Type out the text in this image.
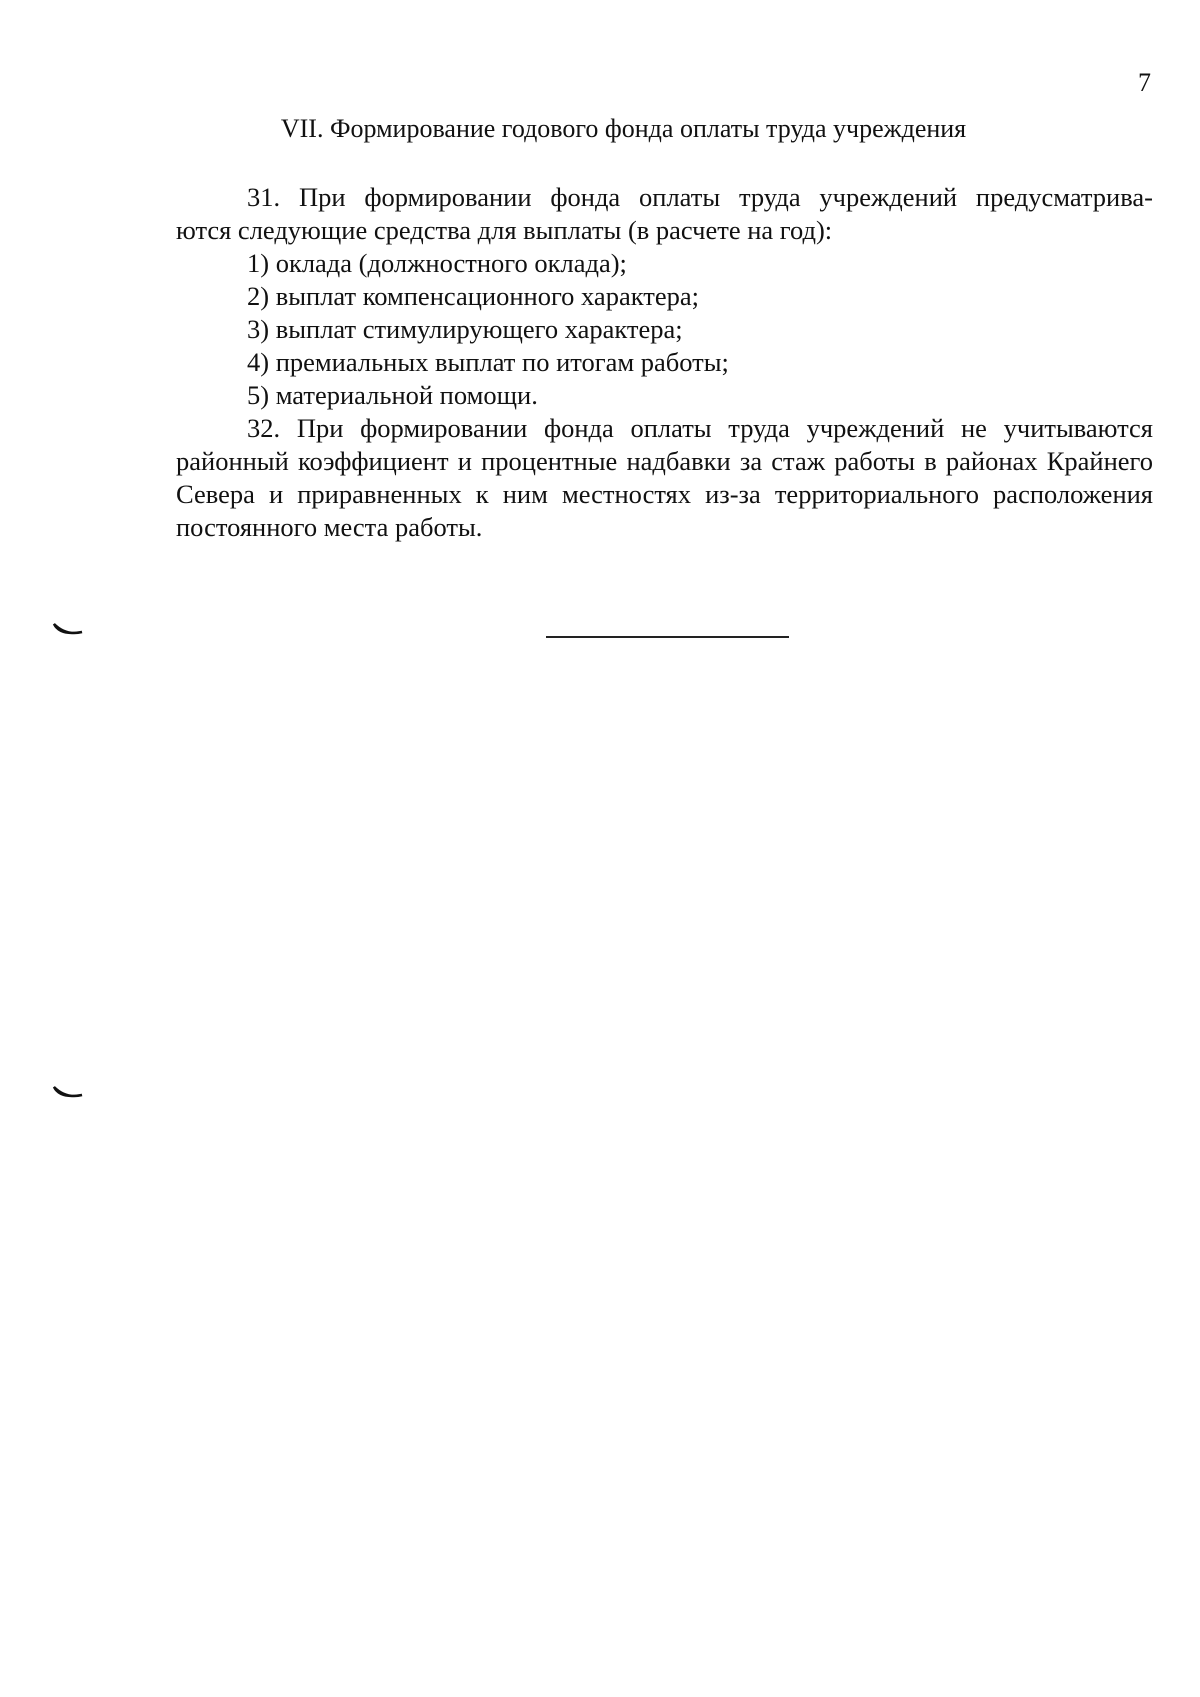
7
VII. Формирование годового фонда оплаты труда учреждения

31. При формировании фонда оплаты труда учреждений предусматрива-
ются следующие средства для выплаты (в расчете на год):

1) оклада (должностного оклада);

2) выплат компенсационного характера;

3) выплат стимулирующего характера;

4) премиальных выплат по итогам работы;

5) материальной помощи.

32. При формировании фонда оплаты труда учреждений не учитываются районный коэффициент и процентные надбавки за стаж работы в районах Крайнего Севера и приравненных к ним местностях из-за территориального расположения постоянного места работы.
